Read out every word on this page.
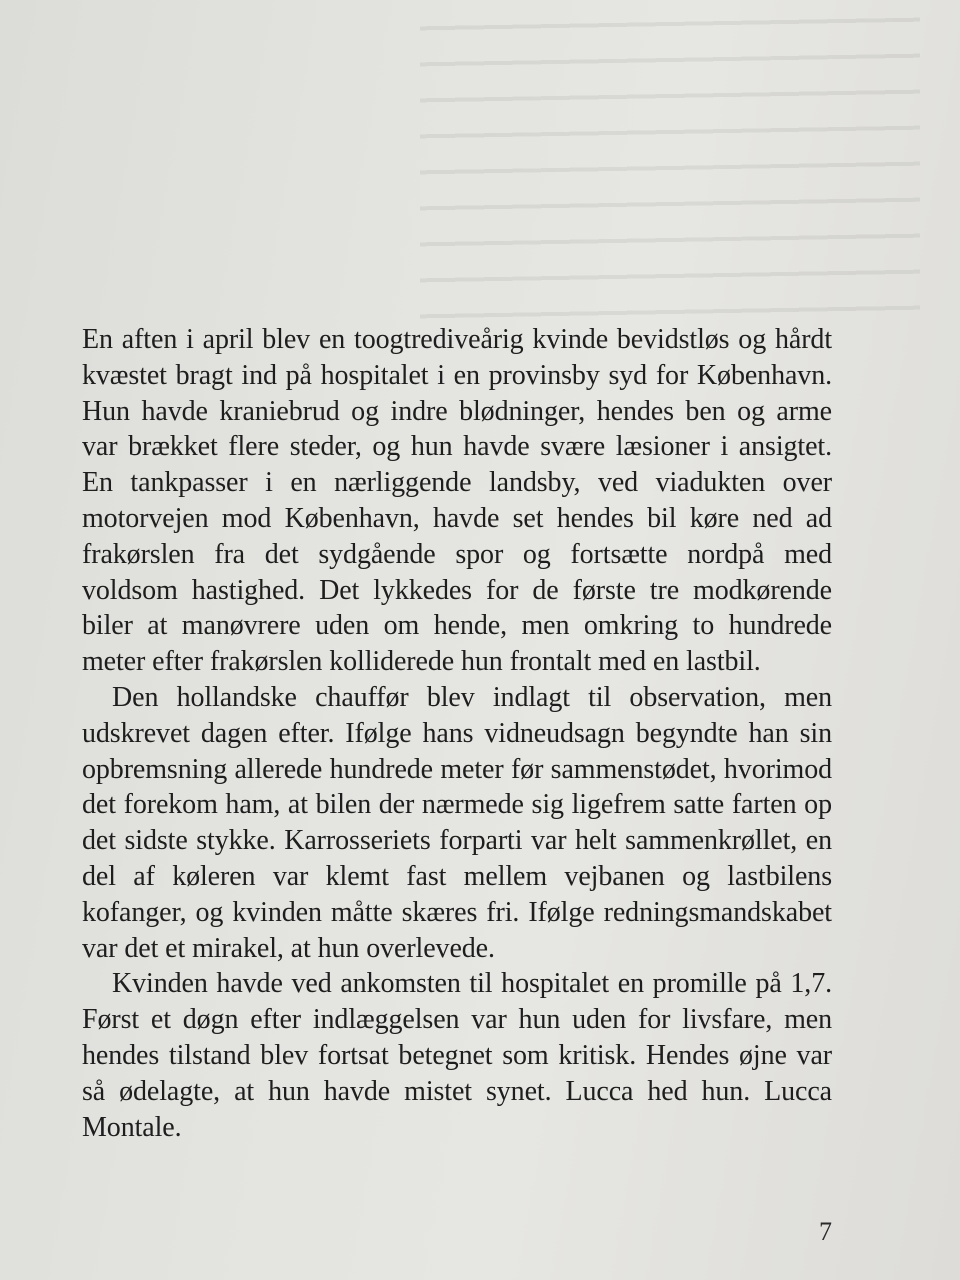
En aften i april blev en toogtrediveårig kvinde bevidstløs og hårdt kvæstet bragt ind på hospitalet i en provinsby syd for København. Hun havde kraniebrud og indre blødninger, hendes ben og arme var brækket flere steder, og hun havde svære læsioner i ansigtet. En tankpasser i en nærliggende landsby, ved viadukten over motorvejen mod København, havde set hendes bil køre ned ad frakørslen fra det sydgående spor og fortsætte nordpå med voldsom hastighed. Det lykkedes for de første tre modkørende biler at manøvrere uden om hende, men omkring to hundrede meter efter frakørslen kolliderede hun frontalt med en lastbil.

Den hollandske chauffør blev indlagt til observation, men udskrevet dagen efter. Ifølge hans vidneudsagn begyndte han sin opbremsning allerede hundrede meter før sammenstødet, hvorimod det forekom ham, at bilen der nærmede sig ligefrem satte farten op det sidste stykke. Karrosseriets forparti var helt sammenkrøllet, en del af køleren var klemt fast mellem vejbanen og lastbilens kofanger, og kvinden måtte skæres fri. Ifølge redningsmandskabet var det et mirakel, at hun overlevede.

Kvinden havde ved ankomsten til hospitalet en promille på 1,7. Først et døgn efter indlæggelsen var hun uden for livsfare, men hendes tilstand blev fortsat betegnet som kritisk. Hendes øjne var så ødelagte, at hun havde mistet synet. Lucca hed hun. Lucca Montale.

7
